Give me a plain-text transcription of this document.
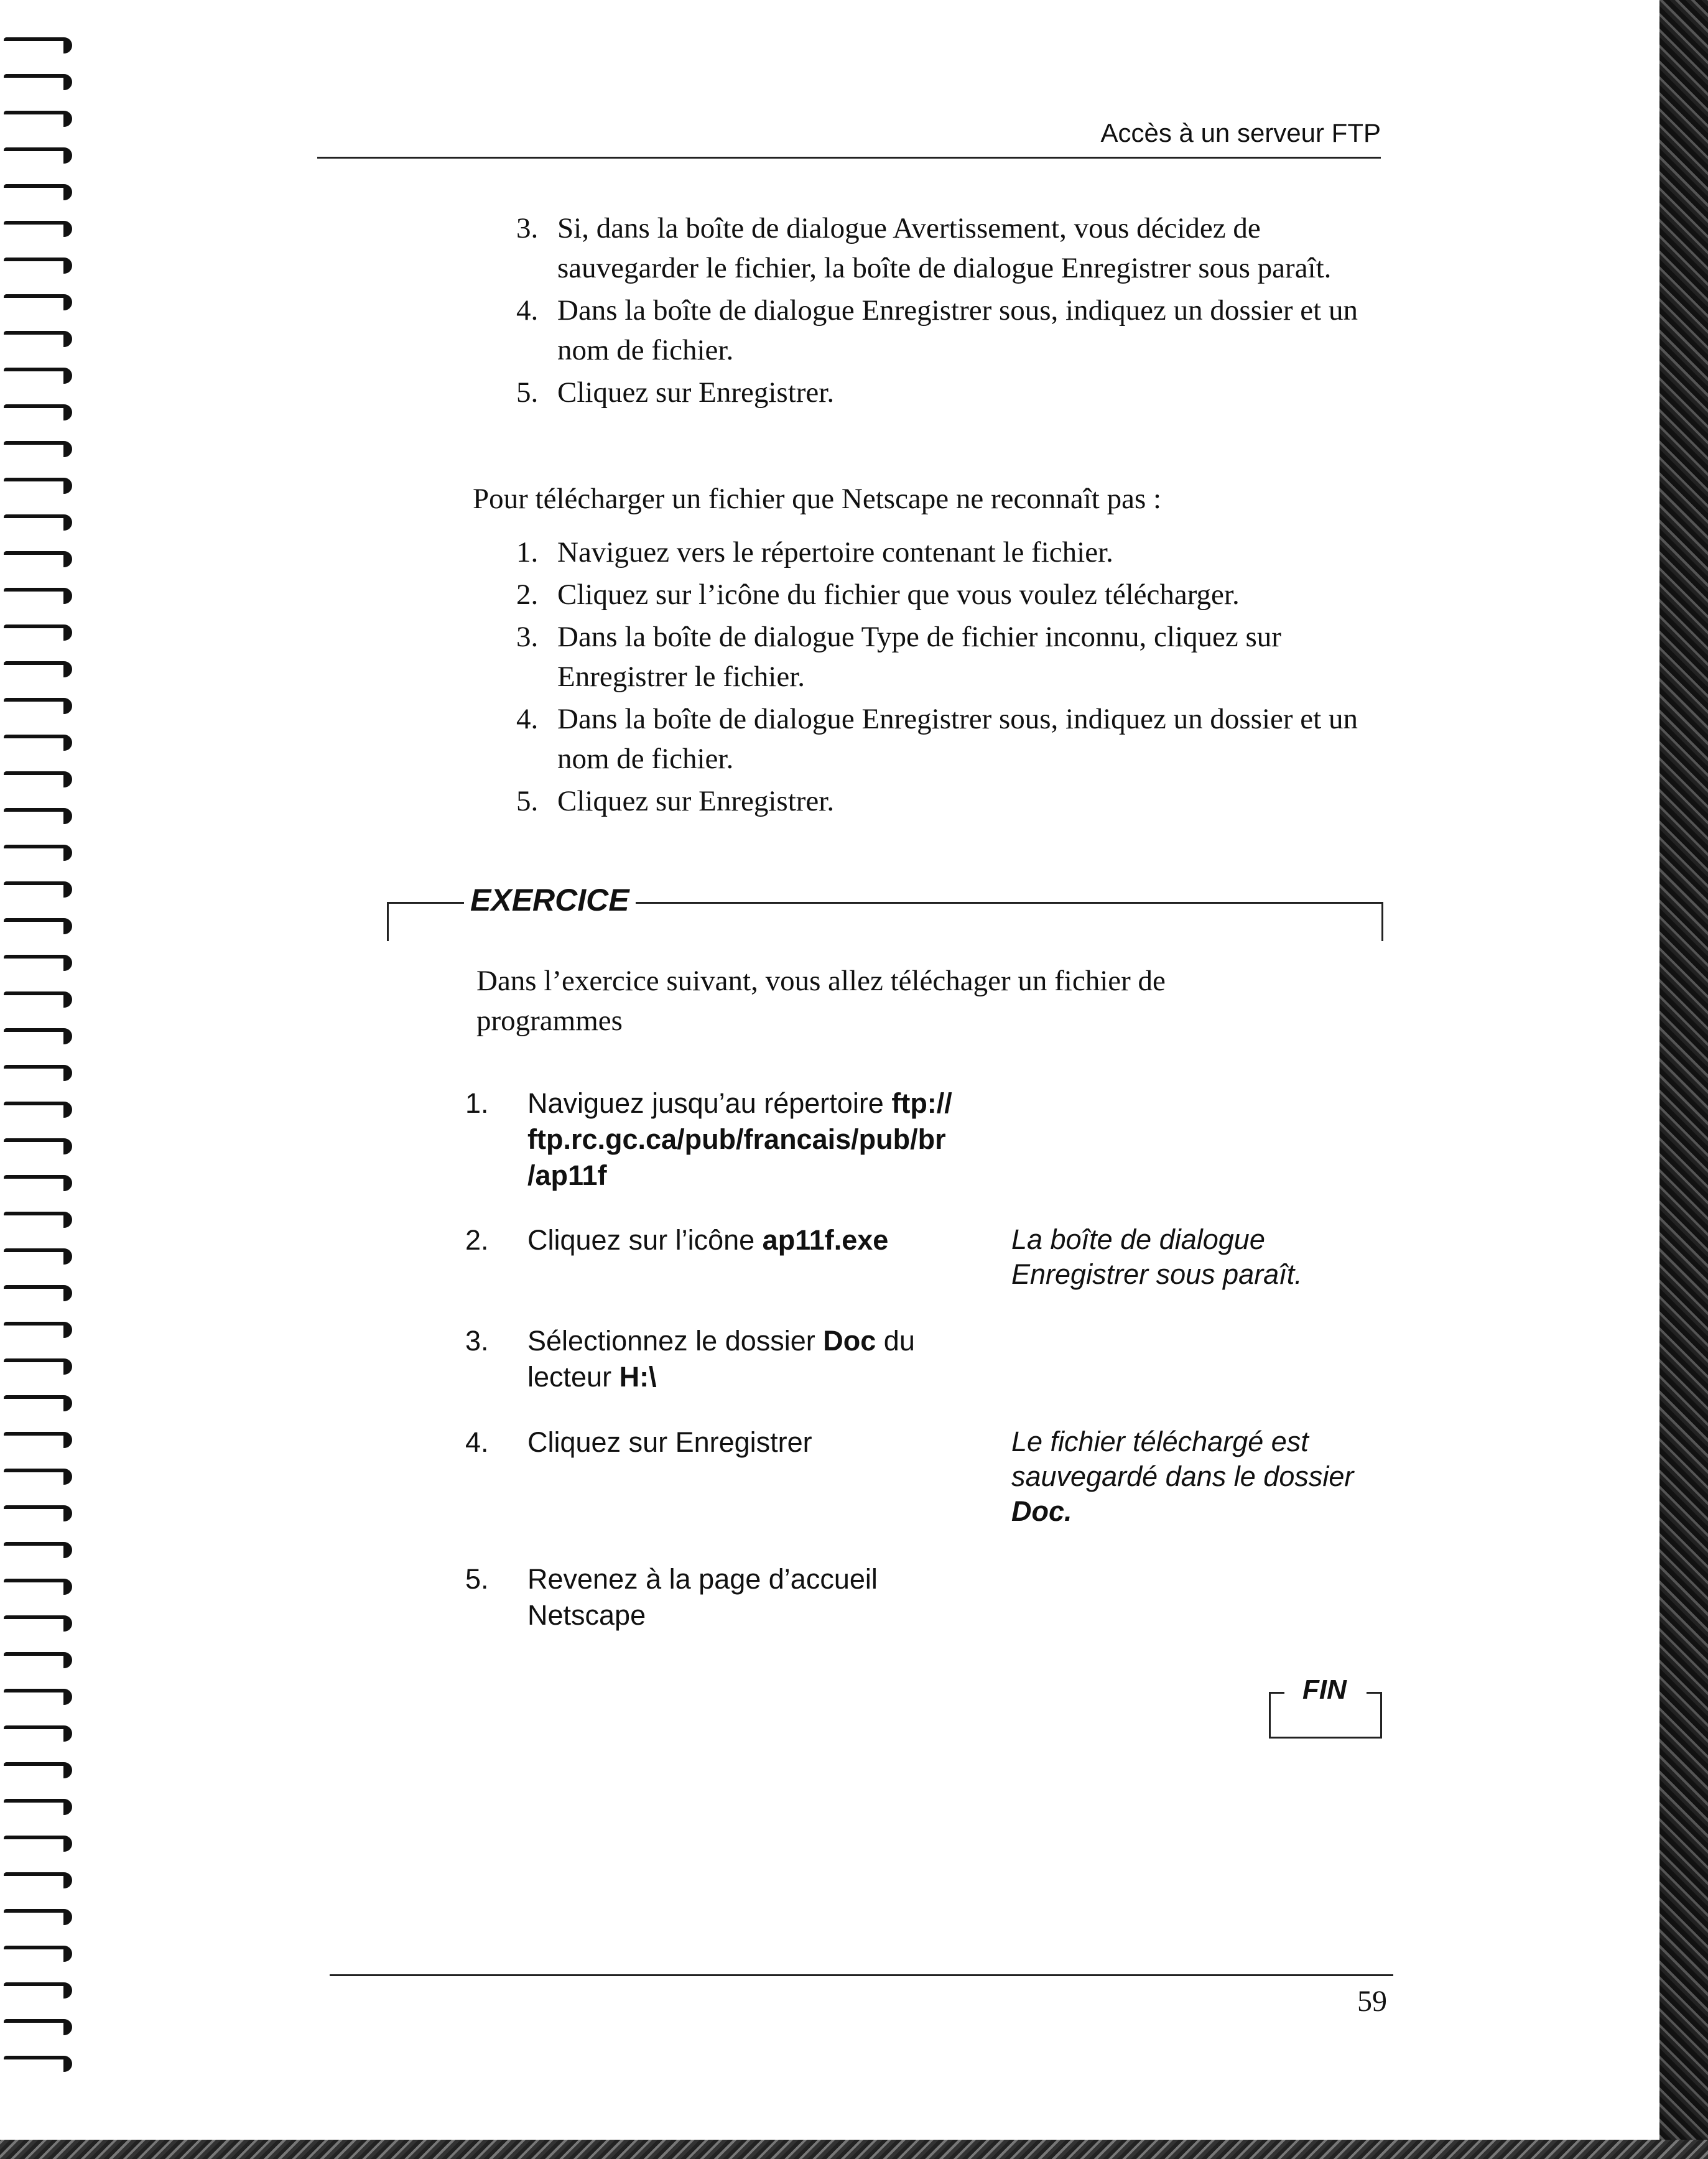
Accès à un serveur FTP
3. Si, dans la boîte de dialogue Avertissement, vous décidez de sauvegarder le fichier, la boîte de dialogue Enregistrer sous paraît.
4. Dans la boîte de dialogue Enregistrer sous, indiquez un dossier et un nom de fichier.
5. Cliquez sur Enregistrer.
Pour télécharger un fichier que Netscape ne reconnaît pas :
1. Naviguez vers le répertoire contenant le fichier.
2. Cliquez sur l’icône du fichier que vous voulez télécharger.
3. Dans la boîte de dialogue Type de fichier inconnu, cliquez sur Enregistrer le fichier.
4. Dans la boîte de dialogue Enregistrer sous, indiquez un dossier et un nom de fichier.
5. Cliquez sur Enregistrer.
EXERCICE
Dans l’exercice suivant, vous allez téléchager un fichier de programmes
1.	Naviguez jusqu’au répertoire ftp:// ftp.rc.gc.ca/pub/francais/pub/br /ap11f
2.	Cliquez sur l’icône ap11f.exe	La boîte de dialogue Enregistrer sous paraît.
3.	Sélectionnez le dossier Doc du lecteur H:\
4.	Cliquez sur Enregistrer	Le fichier téléchargé est sauvegardé dans le dossier Doc.
5.	Revenez à la page d’accueil Netscape
FIN
59
